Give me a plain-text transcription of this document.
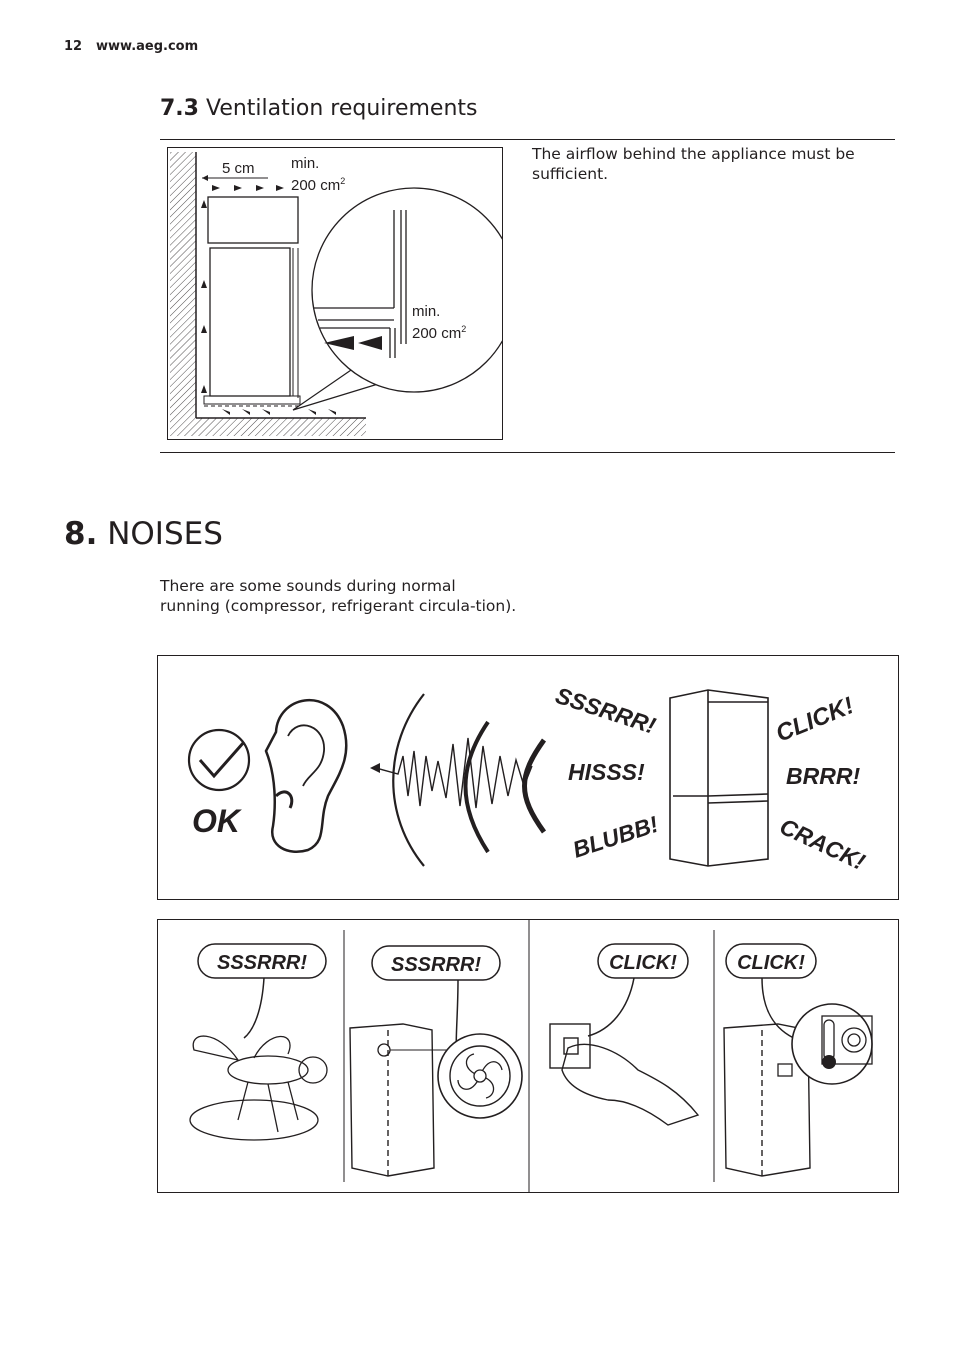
12 www.aeg.com
7.3 Ventilation requirements
5 cm min.
200 $cm^2$
min.
200 $cm^2$
The airflow behind the appliance must be sufficient.
8. NOISES
There are some sounds during normal running (compressor, refrigerant circula-tion).
OK
SSSRRR!
HISSS!
BLUBB!
CLICK!
BRRR!
CRACK!
SSSRRR!	SSSRRR!	CLICK!	CLICK!
